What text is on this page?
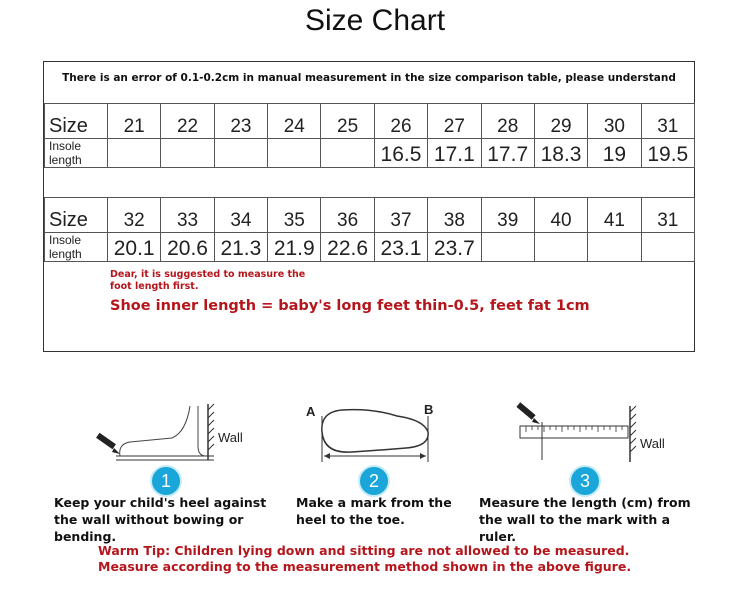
Size Chart
There is an error of 0.1-0.2cm in manual measurement in the size comparison table, please understand
Size	21	22	23	24	25	26	27	28	29	30	31
Insole length						16.5	17.1	17.7	18.3	19	19.5
Size	32	33	34	35	36	37	38	39	40	41	31
Insole length	20.1	20.6	21.3	21.9	22.6	23.1	23.7				
Dear, it is suggested to measure the foot length first.
Shoe inner length = baby's long feet thin-0.5, feet fat 1cm
Wall
1
Keep your child's heel against the wall without bowing or bending.
A	B
2
Make a mark from the heel to the toe.
Wall
3
Measure the length (cm) from the wall to the mark with a ruler.
Warm Tip: Children lying down and sitting are not allowed to be measured.
Measure according to the measurement method shown in the above figure.
